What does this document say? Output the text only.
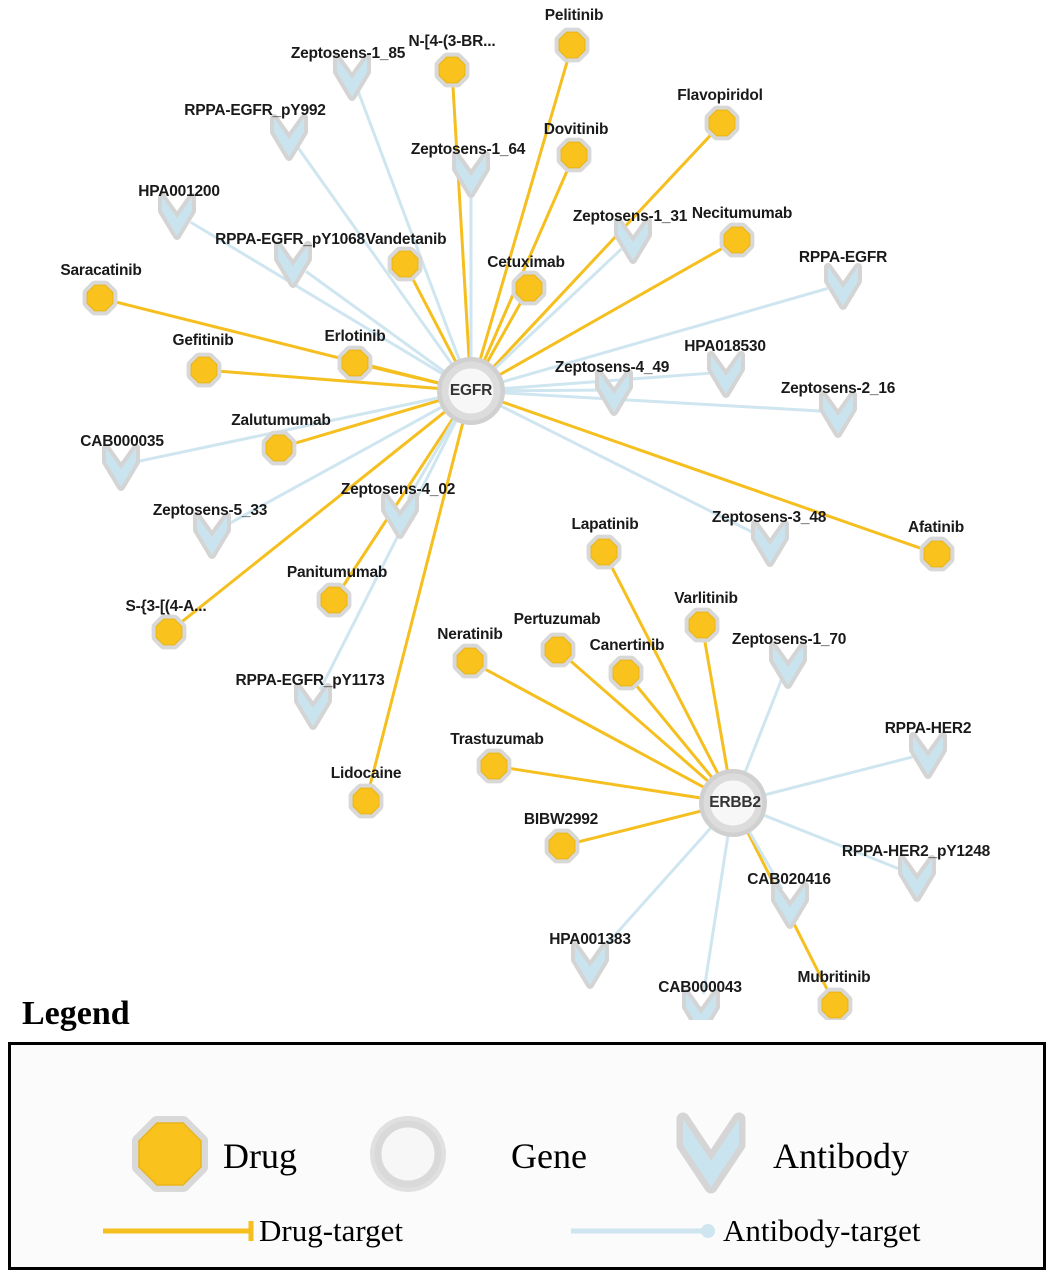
Pelitinib
N-[4-(3-BR...
Flavopiridol
Dovitinib
Necitumumab
Vandetanib
Cetuximab
Saracatinib
Gefitinib	Erlotinib
Zalutumumab
Afatinib
Lapatinib
Panitumumab
Varlitinib
S-{3-[(4-A...
Pertuzumab
Neratinib
Canertinib
Trastuzumab
Lidocaine
BIBW2992
Mubritinib
Zeptosens-1_85
RPPA-EGFR_pY992
Zeptosens-1_64
HPA001200
Zeptosens-1_31
RPPA-EGFR_pY1068
RPPA-EGFR
HPA018530
Zeptosens-4_49
Zeptosens-2_16
CAB000035
Zeptosens-4_02
Zeptosens-5_33	Zeptosens-3_48
Zeptosens-1_70
RPPA-EGFR_pY1173
RPPA-HER2
RPPA-HER2_pY1248
CAB020416
HPA001383
CAB000043
EGFR
ERBB2
Legend
Drug	Gene	Antibody
Drug-target	Antibody-target
